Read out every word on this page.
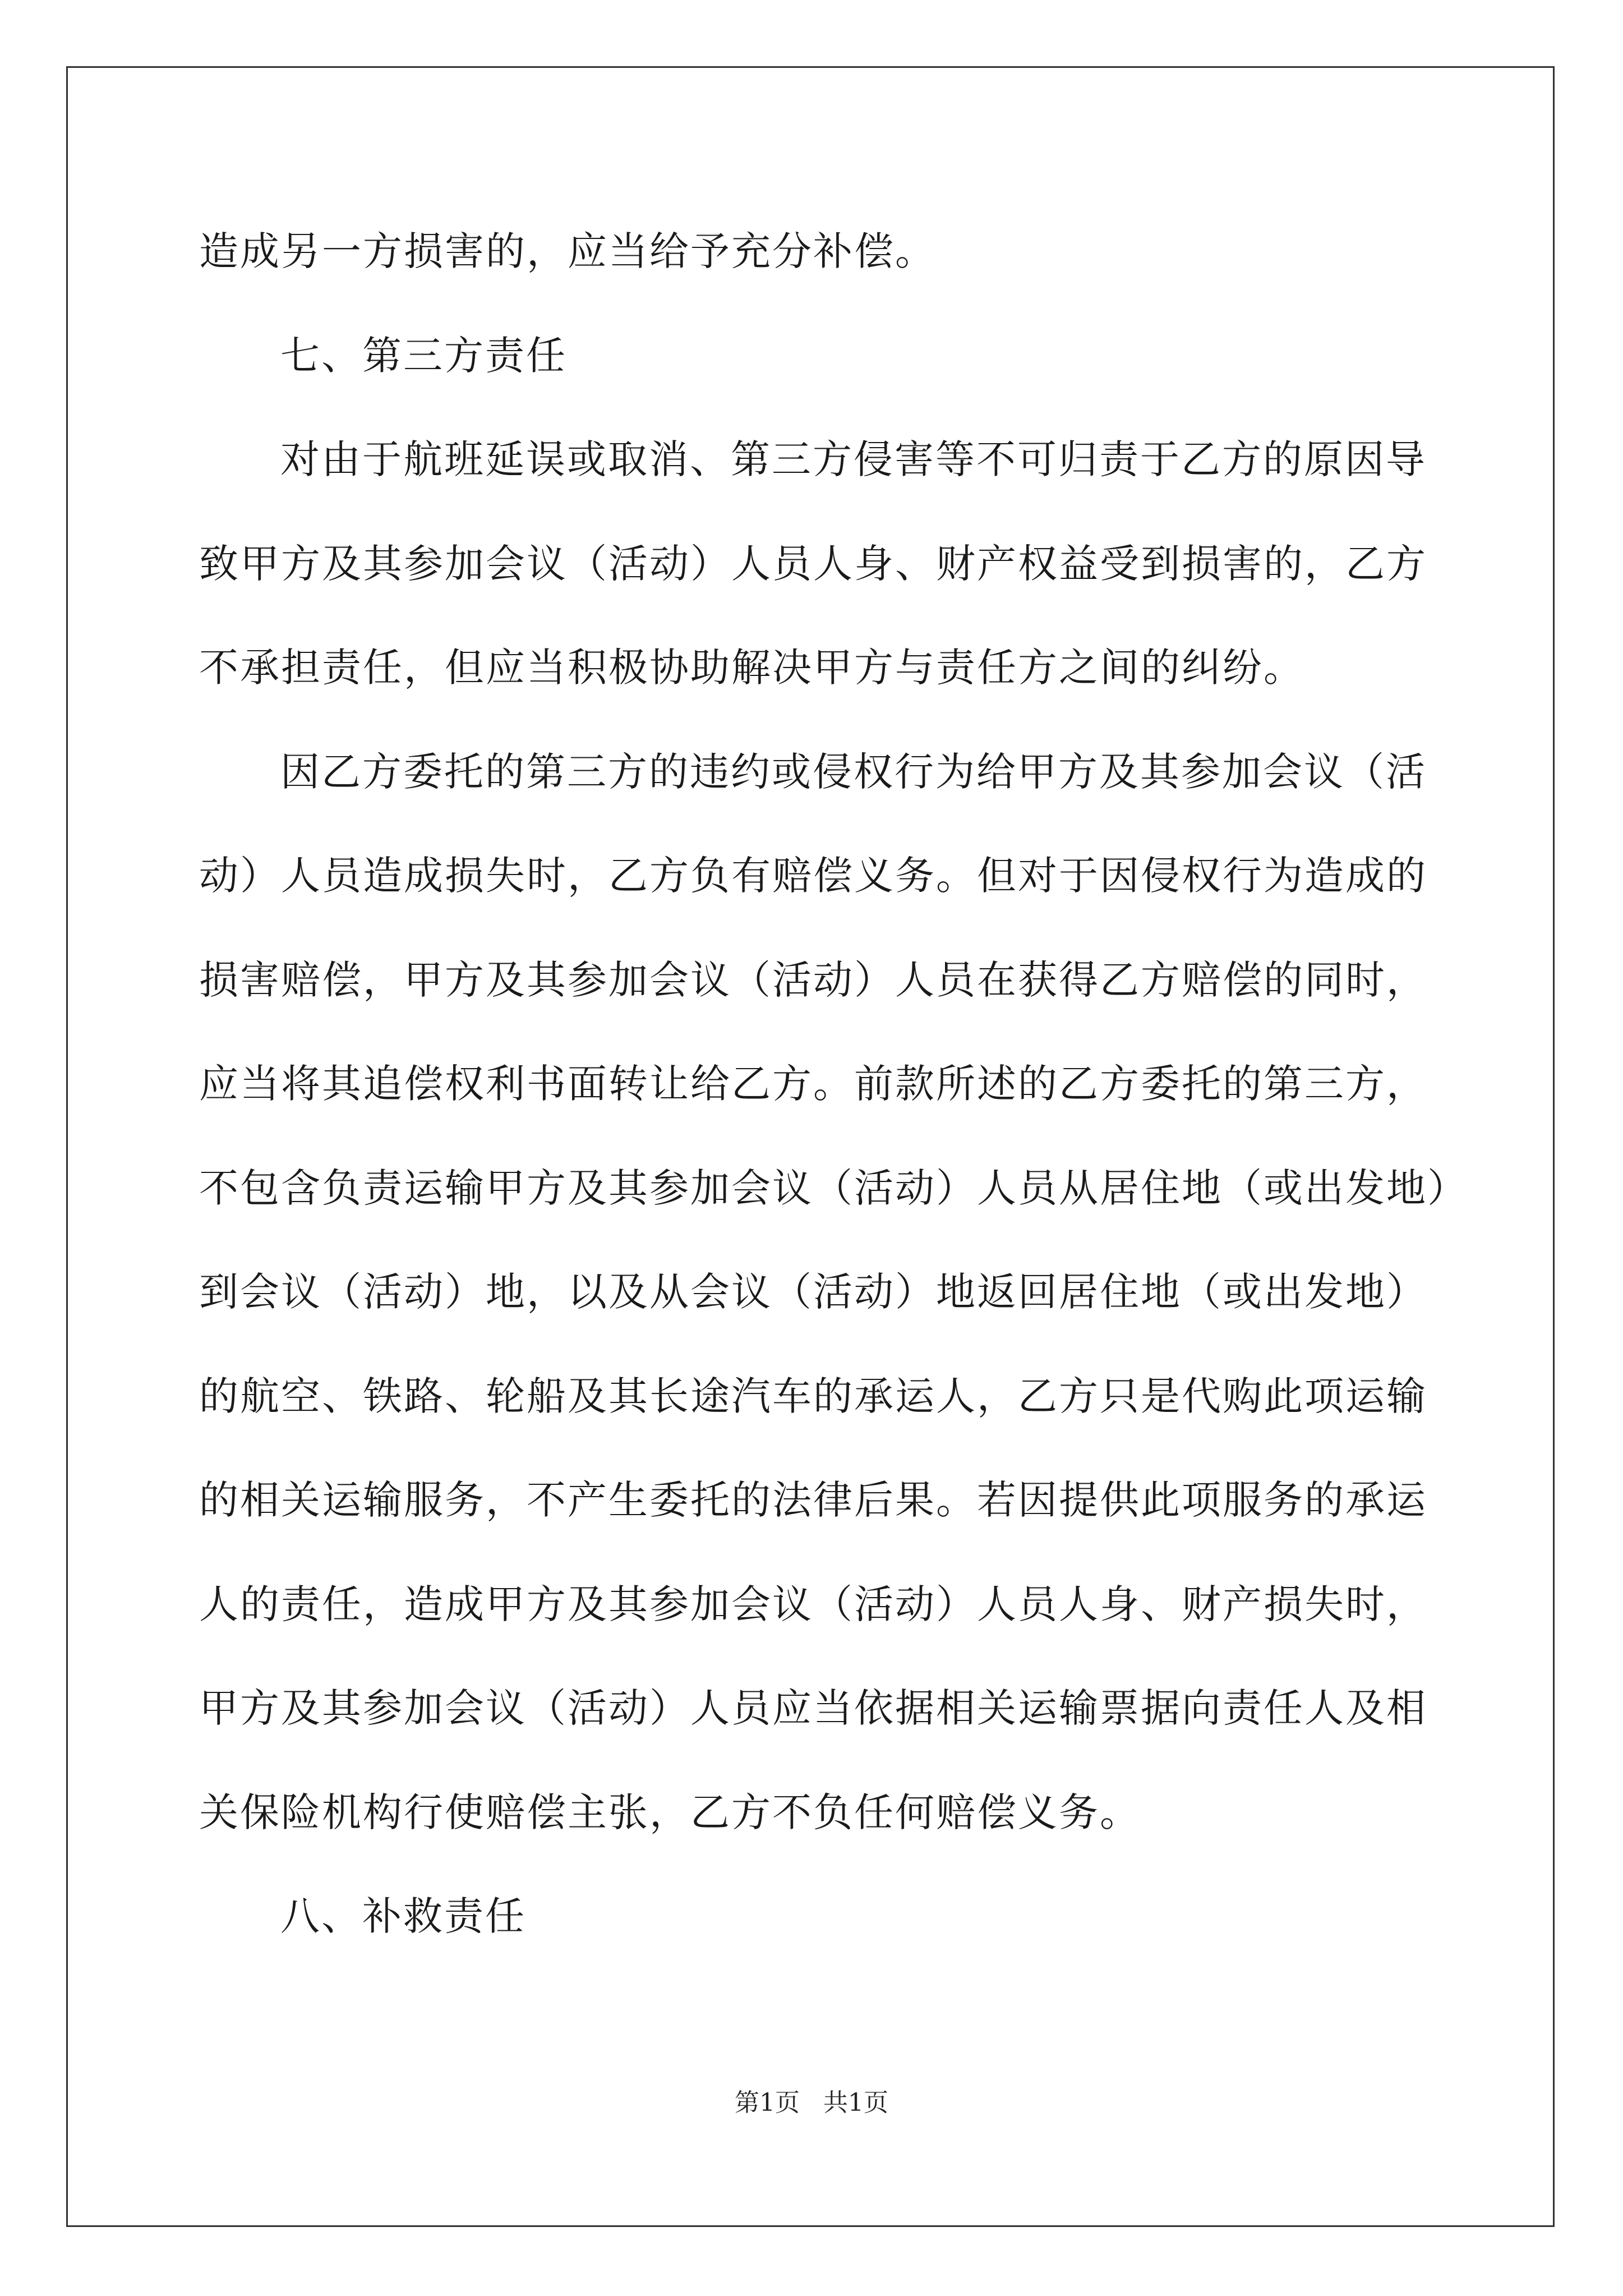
造成另一方损害的，应当给予充分补偿。
七、第三方责任
对由于航班延误或取消、第三方侵害等不可归责于乙方的原因导
致甲方及其参加会议（活动）人员人身、财产权益受到损害的，乙方
不承担责任，但应当积极协助解决甲方与责任方之间的纠纷。
因乙方委托的第三方的违约或侵权行为给甲方及其参加会议（活
动）人员造成损失时，乙方负有赔偿义务。但对于因侵权行为造成的
损害赔偿，甲方及其参加会议（活动）人员在获得乙方赔偿的同时，
应当将其追偿权利书面转让给乙方。前款所述的乙方委托的第三方，
不包含负责运输甲方及其参加会议（活动）人员从居住地（或出发地）
到会议（活动）地，以及从会议（活动）地返回居住地（或出发地）
的航空、铁路、轮船及其长途汽车的承运人，乙方只是代购此项运输
的相关运输服务，不产生委托的法律后果。若因提供此项服务的承运
人的责任，造成甲方及其参加会议（活动）人员人身、财产损失时，
甲方及其参加会议（活动）人员应当依据相关运输票据向责任人及相
关保险机构行使赔偿主张，乙方不负任何赔偿义务。
八、补救责任
第1页   共1页
